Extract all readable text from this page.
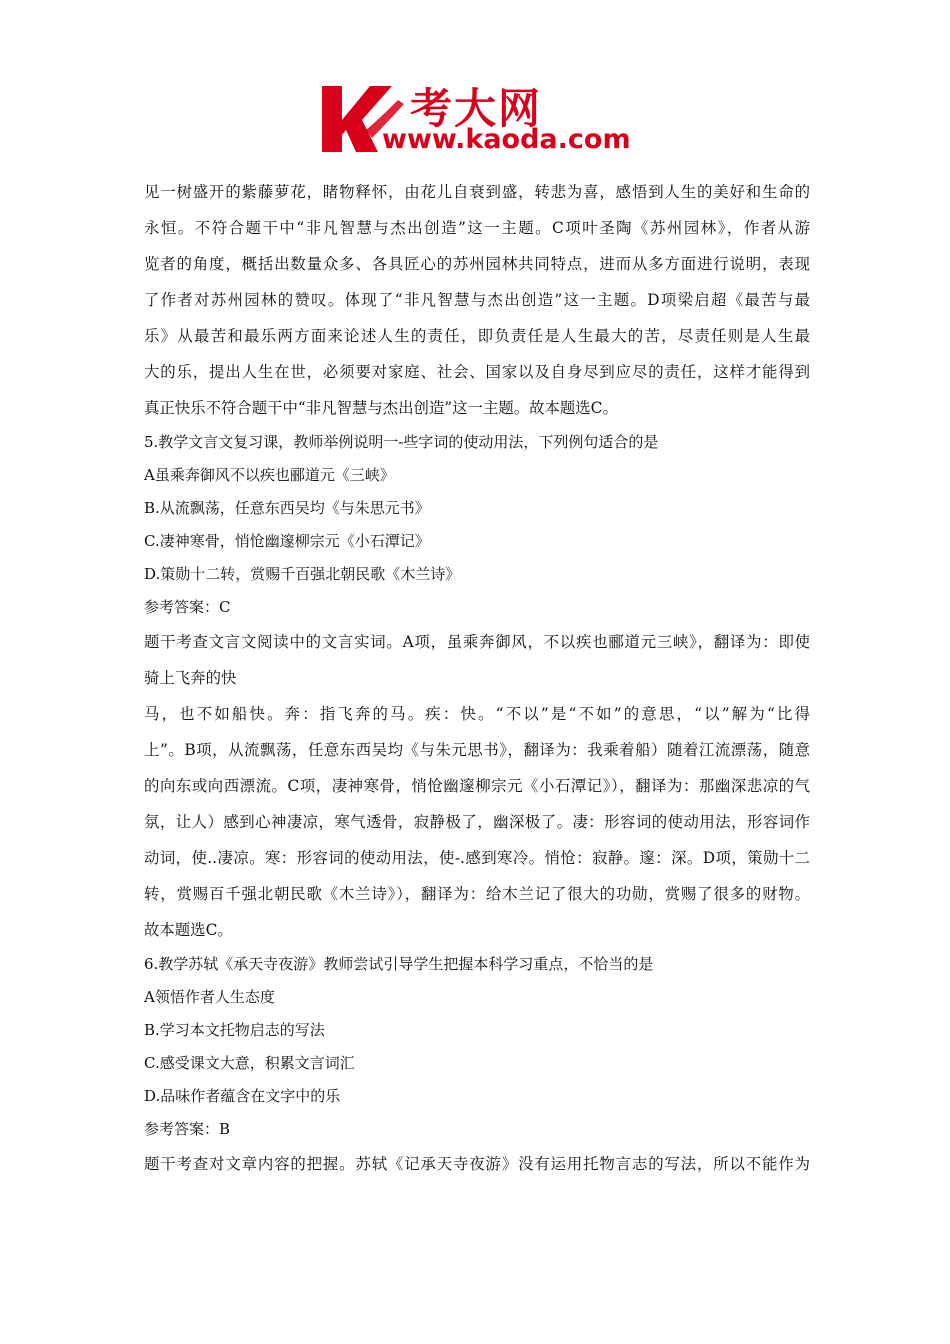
考大网
www.kaoda.com

见一树盛开的紫藤萝花，睹物释怀，由花儿自衰到盛，转悲为喜，感悟到人生的美好和生命的

永恒。不符合题干中“非凡智慧与杰出创造”这一主题。C项叶圣陶《苏州园林》，作者从游

览者的角度，概括出数量众多、各具匠心的苏州园林共同特点，进而从多方面进行说明，表现

了作者对苏州园林的赞叹。体现了“非凡智慧与杰出创造”这一主题。D项梁启超《最苦与最

乐》从最苦和最乐两方面来论述人生的责任，即负责任是人生最大的苦，尽责任则是人生最

大的乐，提出人生在世，必须要对家庭、社会、国家以及自身尽到应尽的责任，这样才能得到

真正快乐不符合题干中“非凡智慧与杰出创造”这一主题。故本题选C。

5.教学文言文复习课，教师举例说明一-些字词的使动用法，下列例句适合的是

A虽乘奔御风不以疾也郦道元《三峡》

B.从流飘荡，任意东西吴均《与朱思元书》

C.凄神寒骨，悄怆幽邃柳宗元《小石潭记》

D.策勋十二转，赏赐千百强北朝民歌《木兰诗》

参考答案：C

题干考查文言文阅读中的文言实词。A项，虽乘奔御风，不以疾也郦道元三峡》，翻译为：即使

骑上飞奔的快

马，也不如船快。奔：指飞奔的马。疾：快。“不以”是“不如”的意思，“以”解为“比得

上”。B项，从流飘荡，任意东西吴均《与朱元思书》，翻译为：我乘着船）随着江流漂荡，随意

的向东或向西漂流。C项，凄神寒骨，悄怆幽邃柳宗元《小石潭记》），翻译为：那幽深悲凉的气

氛，让人）感到心神凄凉，寒气透骨，寂静极了，幽深极了。凄：形容词的使动用法，形容词作

动词，使..凄凉。寒：形容词的使动用法，使-.感到寒冷。悄怆：寂静。邃：深。D项，策勋十二

转，赏赐百千强北朝民歌《木兰诗》），翻译为：给木兰记了很大的功勋，赏赐了很多的财物。

故本题选C。

6.教学苏轼《承天寺夜游》教师尝试引导学生把握本科学习重点，不恰当的是

A领悟作者人生态度

B.学习本文托物启志的写法

C.感受课文大意，积累文言词汇

D.品味作者蕴含在文字中的乐

参考答案：B

题干考查对文章内容的把握。苏轼《记承天寺夜游》没有运用托物言志的写法，所以不能作为
